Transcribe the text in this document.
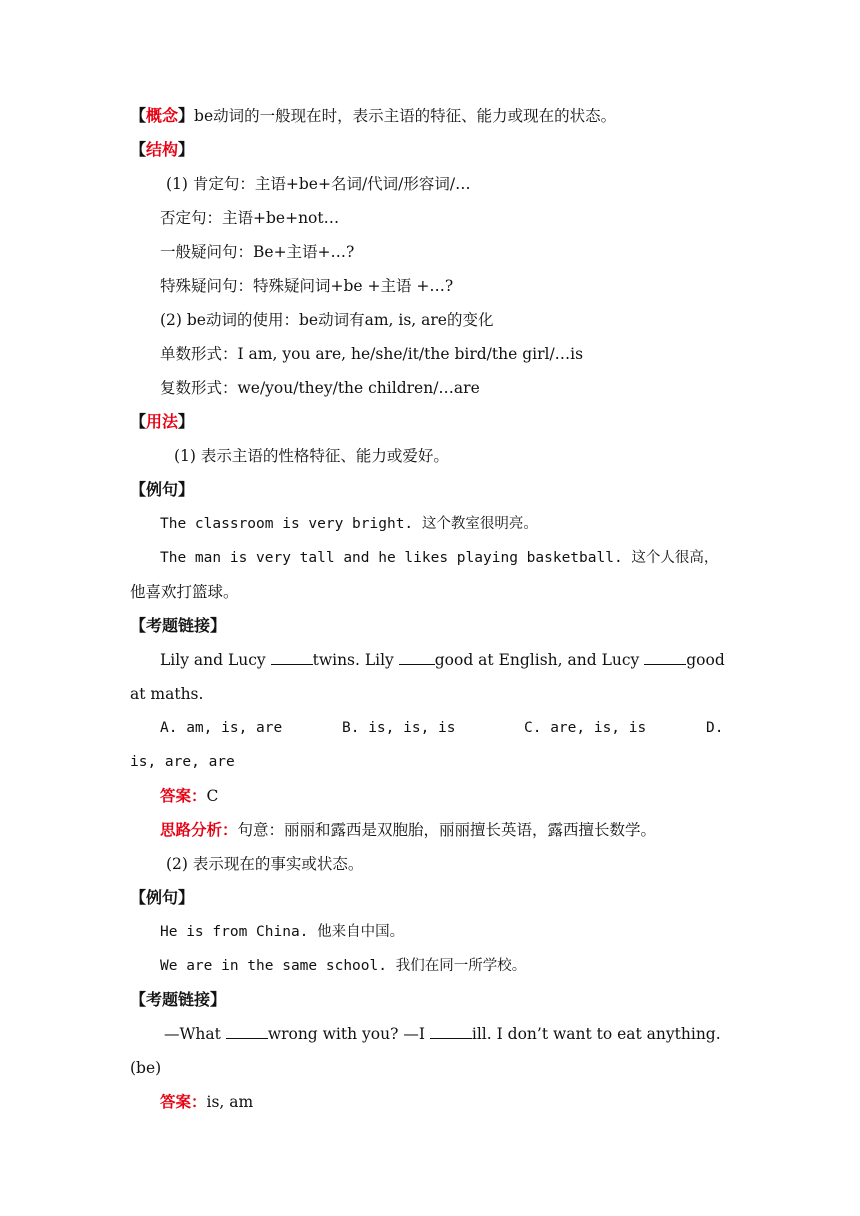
【概念】be动词的一般现在时，表示主语的特征、能力或现在的状态。
【结构】
(1) 肯定句：主语+be+名词/代词/形容词/…
否定句：主语+be+not…
一般疑问句：Be+主语+…?
特殊疑问句：特殊疑问词+be +主语 +…?
(2) be动词的使用：be动词有am, is, are的变化
单数形式：I am, you are, he/she/it/the bird/the girl/…is
复数形式：we/you/they/the children/…are
【用法】
(1) 表示主语的性格特征、能力或爱好。
【例句】
The classroom is very bright. 这个教室很明亮。
The man is very tall and he likes playing basketball. 这个人很高，
他喜欢打篮球。
【考题链接】
Lily and Lucy	twins. Lily good at English, and Lucy	good
at maths.
A. am, is, are	B. is, is, is	C. are, is, is	D.
is, are, are
答案：C
思路分析：句意：丽丽和露西是双胞胎，丽丽擅长英语，露西擅长数学。
(2) 表示现在的事实或状态。
【例句】
He is from China. 他来自中国。
We are in the same school. 我们在同一所学校。
【考题链接】
—What	wrong with you? —I	ill. I don’t want to eat anything.
(be)
答案：is, am
